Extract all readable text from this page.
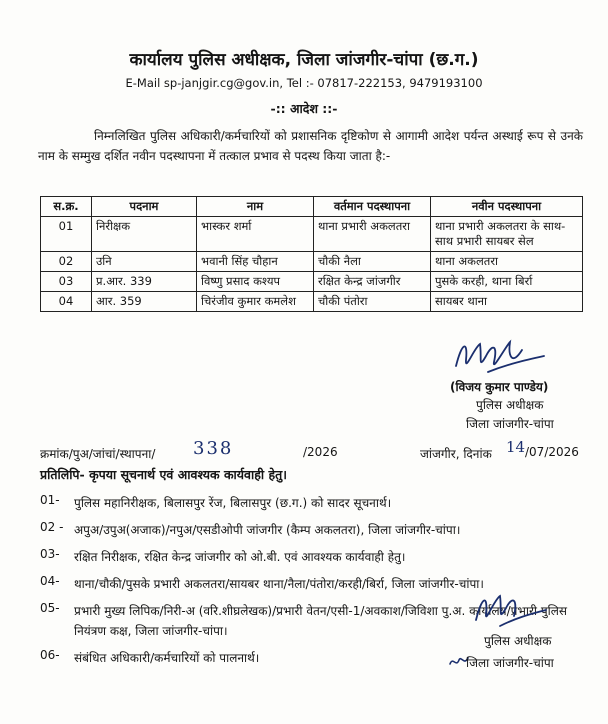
कार्यालय पुलिस अधीक्षक, जिला जांजगीर-चांपा (छ.ग.)
E-Mail sp-janjgir.cg@gov.in, Tel :- 07817-222153, 9479193100
-:: आदेश ::-
निम्नलिखित पुलिस अधिकारी/कर्मचारियों को प्रशासनिक दृष्टिकोण से आगामी आदेश पर्यन्त अस्थाई रूप से उनके नाम के सम्मुख दर्शित नवीन पदस्थापना में तत्काल प्रभाव से पदस्थ किया जाता है:-
स.क्र.	पदनाम	नाम	वर्तमान पदस्थापना	नवीन पदस्थापना
01	निरीक्षक	भास्कर शर्मा	थाना प्रभारी अकलतरा	थाना प्रभारी अकलतरा के साथ-साथ प्रभारी सायबर सेल
02	उनि	भवानी सिंह चौहान	चौकी नैला	थाना अकलतरा
03	प्र.आर. 339	विष्णु प्रसाद कश्यप	रक्षित केन्द्र जांजगीर	पुसके करही, थाना बिर्रा
04	आर. 359	चिरंजीव कुमार कमलेश	चौकी पंतोरा	सायबर थाना
(विजय कुमार पाण्डेय)
पुलिस अधीक्षक
जिला जांजगीर-चांपा
क्रमांक/पुअ/जांचां/स्थापना/ 338	/2026	जांजगीर, दिनांक 14 /07/2026
प्रतिलिपि- कृपया सूचनार्थ एवं आवश्यक कार्यवाही हेतु।
01-	पुलिस महानिरीक्षक, बिलासपुर रेंज, बिलासपुर (छ.ग.) को सादर सूचनार्थ।
02 - अपुअ/उपुअ(अजाक)/नपुअ/एसडीओपी जांजगीर (कैम्प अकलतरा), जिला जांजगीर-चांपा।
03-	रक्षित निरीक्षक, रक्षित केन्द्र जांजगीर को ओ.बी. एवं आवश्यक कार्यवाही हेतु।
04-	थाना/चौकी/पुसके प्रभारी अकलतरा/सायबर थाना/नैला/पंतोरा/करही/बिर्रा, जिला जांजगीर-चांपा।
05-	प्रभारी मुख्य लिपिक/निरी-अ (वरि.शीघ्रलेखक)/प्रभारी वेतन/एसी-1/अवकाश/जिविशा पु.अ. कार्यालय/प्रभारी पुलिस नियंत्रण कक्ष, जिला जांजगीर-चांपा।
06-	संबंधित अधिकारी/कर्मचारियों को पालनार्थ।
पुलिस अधीक्षक
जिला जांजगीर-चांपा
